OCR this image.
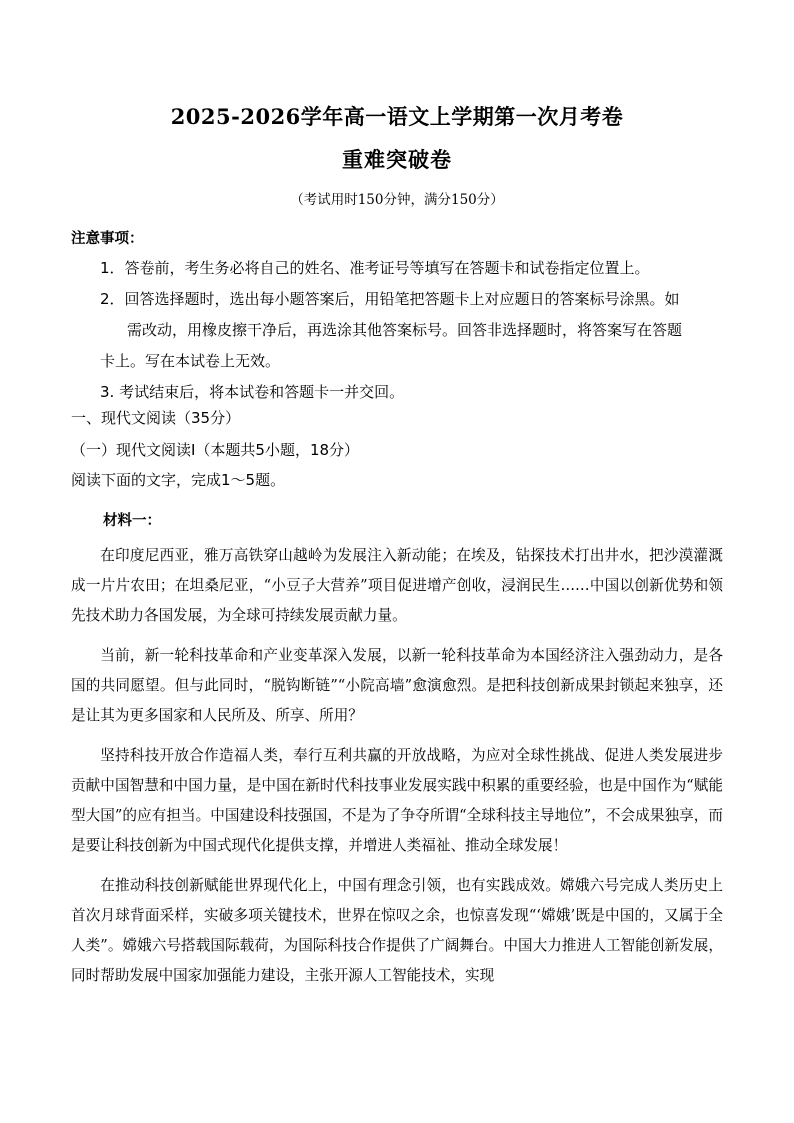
2025-2026学年高一语文上学期第一次月考卷
重难突破卷
（考试用时150分钟，满分150分）
注意事项：
1．答卷前，考生务必将自己的姓名、准考证号等填写在答题卡和试卷指定位置上。
2．回答选择题时，选出每小题答案后，用铅笔把答题卡上对应题日的答案标号涂黑。如
需改动，用橡皮擦干净后，再选涂其他答案标号。回答非选择题时，将答案写在答题
卡上。写在本试卷上无效。
3. 考试结束后，将本试卷和答题卡一并交回。
一、现代文阅读（35分）
（一）现代文阅读Ⅰ（本题共5小题，18分）
阅读下面的文字，完成1～5题。
材料一：

在印度尼西亚，雅万高铁穿山越岭为发展注入新动能；在埃及，钻探技术打出井水，把沙漠灌溉成一片片农田；在坦桑尼亚，“小豆子大营养”项目促进增产创收，浸润民生……中国以创新优势和领先技术助力各国发展，为全球可持续发展贡献力量。

当前，新一轮科技革命和产业变革深入发展，以新一轮科技革命为本国经济注入强劲动力，是各国的共同愿望。但与此同时，“脱钩断链”“小院高墙”愈演愈烈。是把科技创新成果封锁起来独享，还是让其为更多国家和人民所及、所享、所用？

坚持科技开放合作造福人类，奉行互利共赢的开放战略，为应对全球性挑战、促进人类发展进步贡献中国智慧和中国力量，是中国在新时代科技事业发展实践中积累的重要经验，也是中国作为“赋能型大国”的应有担当。中国建设科技强国，不是为了争夺所谓“全球科技主导地位”，不会成果独享，而是要让科技创新为中国式现代化提供支撑，并增进人类福祉、推动全球发展！

在推动科技创新赋能世界现代化上，中国有理念引领，也有实践成效。嫦娥六号完成人类历史上首次月球背面采样，实破多项关键技术，世界在惊叹之余，也惊喜发现“‘嫦娥’既是中国的，又属于全人类”。嫦娥六号搭载国际载荷，为国际科技合作提供了广阔舞台。中国大力推进人工智能创新发展，同时帮助发展中国家加强能力建设，主张开源人工智能技术，实现
